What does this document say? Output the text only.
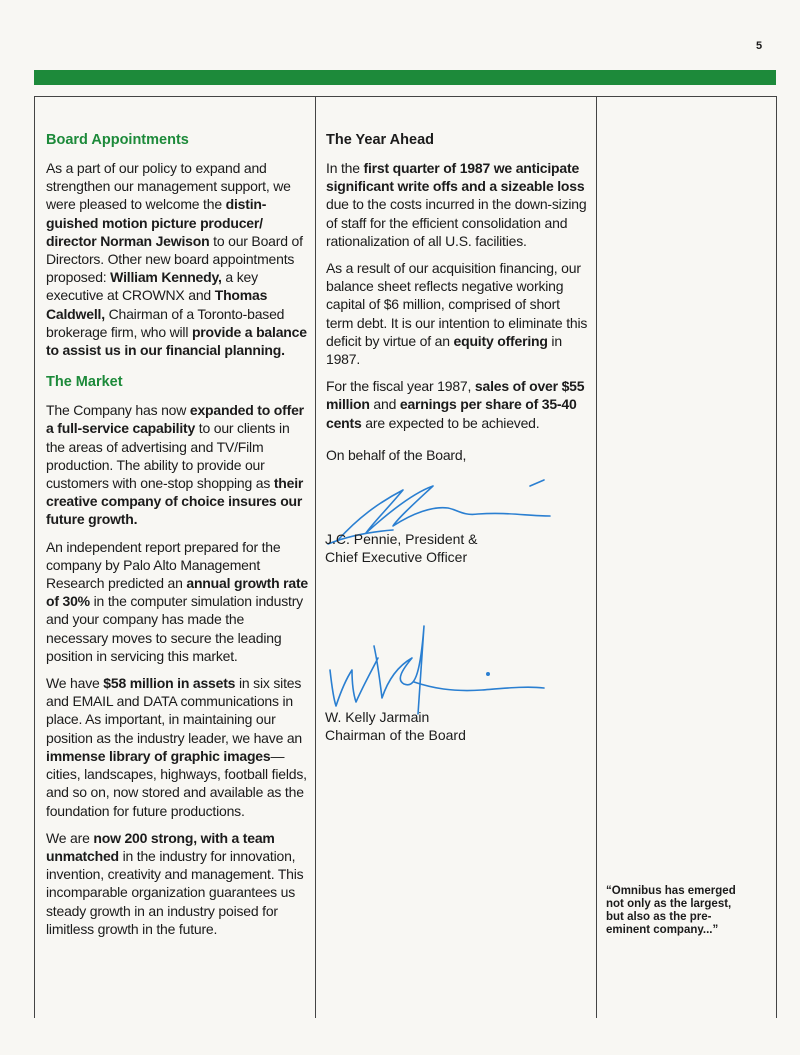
5
Board Appointments

As a part of our policy to expand and strengthen our management support, we were pleased to welcome the distin-guished motion picture producer/ director Norman Jewison to our Board of Directors. Other new board appointments proposed: William Kennedy, a key executive at CROWNX and Thomas Caldwell, Chairman of a Toronto-based brokerage firm, who will provide a balance to assist us in our financial planning.

The Market

The Company has now expanded to offer a full-service capability to our clients in the areas of advertising and TV/Film production. The ability to provide our customers with one-stop shopping as their creative company of choice insures our future growth.

An independent report prepared for the company by Palo Alto Management Research predicted an annual growth rate of 30% in the computer simulation industry and your company has made the necessary moves to secure the leading position in servicing this market.

We have $58 million in assets in six sites and EMAIL and DATA communications in place. As important, in maintaining our position as the industry leader, we have an immense library of graphic images— cities, landscapes, highways, football fields, and so on, now stored and available as the foundation for future productions.

We are now 200 strong, with a team unmatched in the industry for innovation, invention, creativity and management. This incomparable organization guarantees us steady growth in an industry poised for limitless growth in the future.

The Year Ahead

In the first quarter of 1987 we anticipate significant write offs and a sizeable loss due to the costs incurred in the down-sizing of staff for the efficient consolidation and rationalization of all U.S. facilities.

As a result of our acquisition financing, our balance sheet reflects negative working capital of $6 million, comprised of short term debt. It is our intention to eliminate this deficit by virtue of an equity offering in 1987.

For the fiscal year 1987, sales of over $55 million and earnings per share of 35-40 cents are expected to be achieved.

On behalf of the Board,

J.C. Pennie, President &
Chief Executive Officer
W. Kelly Jarmain
Chairman of the Board
“Omnibus has emerged not only as the largest, but also as the pre-eminent company...”
